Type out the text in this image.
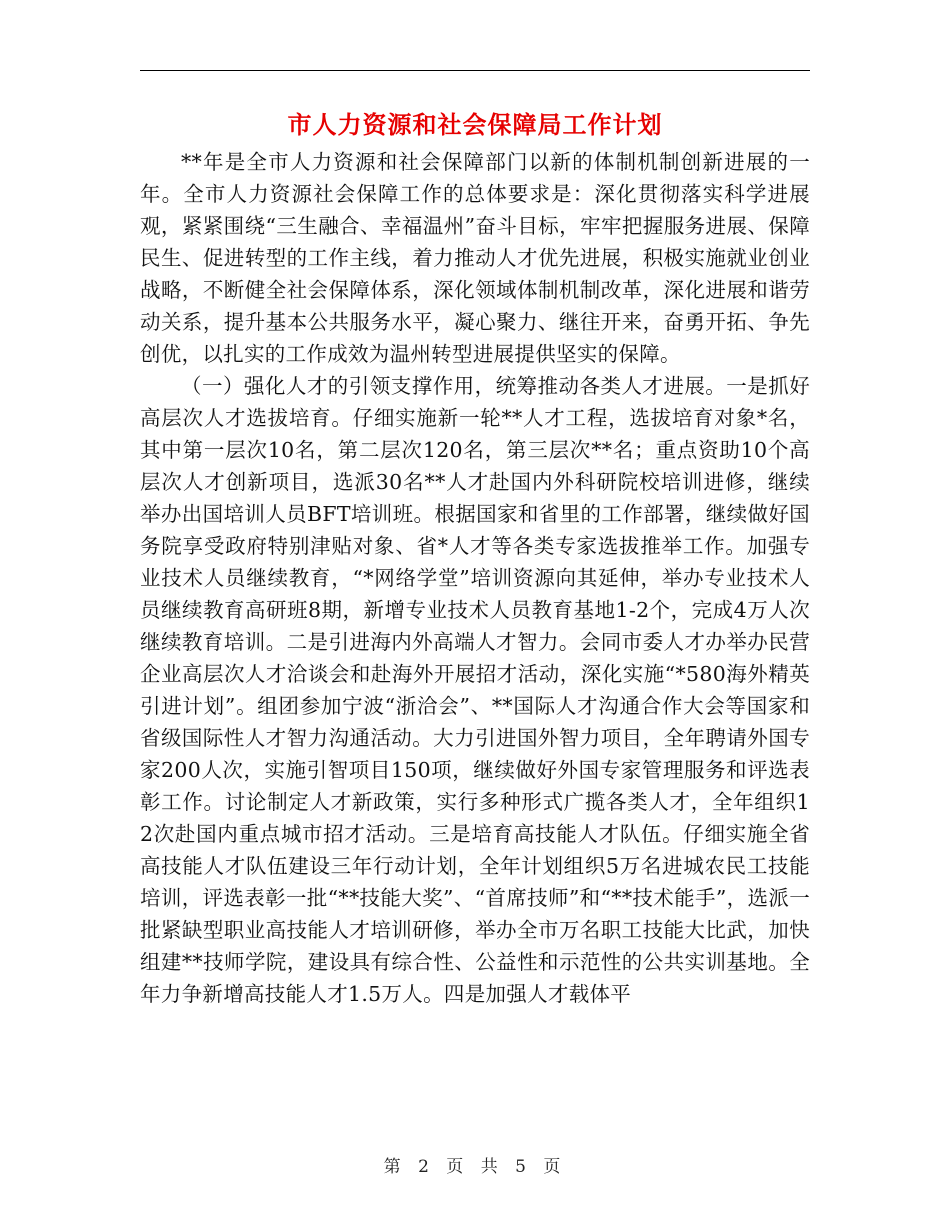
市人力资源和社会保障局工作计划

**年是全市人力资源和社会保障部门以新的体制机制创新进展的一年。全市人力资源社会保障工作的总体要求是：深化贯彻落实科学进展观，紧紧围绕“三生融合、幸福温州”奋斗目标，牢牢把握服务进展、保障民生、促进转型的工作主线，着力推动人才优先进展，积极实施就业创业战略，不断健全社会保障体系，深化领域体制机制改革，深化进展和谐劳动关系，提升基本公共服务水平，凝心聚力、继往开来，奋勇开拓、争先创优，以扎实的工作成效为温州转型进展提供坚实的保障。

（一）强化人才的引领支撑作用，统筹推动各类人才进展。一是抓好高层次人才选拔培育。仔细实施新一轮**人才工程，选拔培育对象*名，其中第一层次10名，第二层次120名，第三层次**名；重点资助10个高层次人才创新项目，选派30名**人才赴国内外科研院校培训进修，继续举办出国培训人员BFT培训班。根据国家和省里的工作部署，继续做好国务院享受政府特别津贴对象、省*人才等各类专家选拔推举工作。加强专业技术人员继续教育，“*网络学堂”培训资源向其延伸，举办专业技术人员继续教育高研班8期，新增专业技术人员教育基地1-2个，完成4万人次继续教育培训。二是引进海内外高端人才智力。会同市委人才办举办民营企业高层次人才洽谈会和赴海外开展招才活动，深化实施“*580海外精英引进计划”。组团参加宁波“浙洽会”、**国际人才沟通合作大会等国家和省级国际性人才智力沟通活动。大力引进国外智力项目，全年聘请外国专家200人次，实施引智项目150项，继续做好外国专家管理服务和评选表彰工作。讨论制定人才新政策，实行多种形式广揽各类人才，全年组织12次赴国内重点城市招才活动。三是培育高技能人才队伍。仔细实施全省高技能人才队伍建设三年行动计划，全年计划组织5万名进城农民工技能培训，评选表彰一批“**技能大奖”、“首席技师”和“**技术能手”，选派一批紧缺型职业高技能人才培训研修，举办全市万名职工技能大比武，加快组建**技师学院，建设具有综合性、公益性和示范性的公共实训基地。全年力争新增高技能人才1.5万人。四是加强人才载体平

第 2 页 共 5 页
